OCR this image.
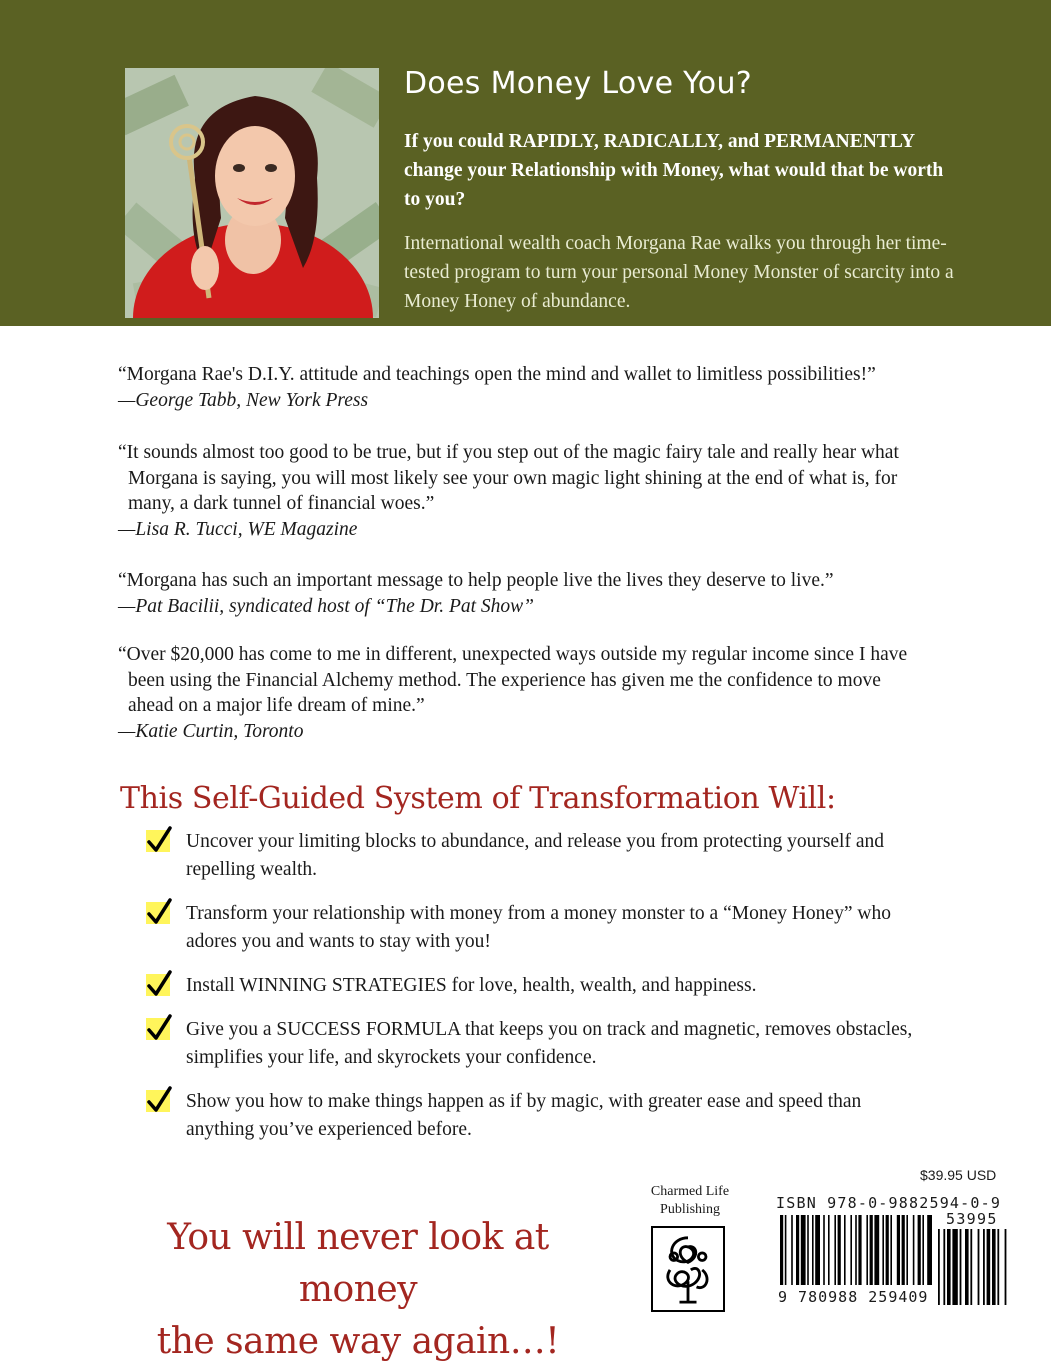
Does Money Love You?
If you could RAPIDLY, RADICALLY, and PERMANENTLY change your Relationship with Money, what would that be worth to you?
International wealth coach Morgana Rae walks you through her time-tested program to turn your personal Money Monster of scarcity into a Money Honey of abundance.
“Morgana Rae's D.I.Y. attitude and teachings open the mind and wallet to limitless possibilities!”
—George Tabb, New York Press
“It sounds almost too good to be true, but if you step out of the magic fairy tale and really hear what Morgana is saying, you will most likely see your own magic light shining at the end of what is, for many, a dark tunnel of financial woes.”
—Lisa R. Tucci, WE Magazine
“Morgana has such an important message to help people live the lives they deserve to live.”
—Pat Bacilii, syndicated host of “The Dr. Pat Show”
“Over $20,000 has come to me in different, unexpected ways outside my regular income since I have been using the Financial Alchemy method. The experience has given me the confidence to move ahead on a major life dream of mine.”
—Katie Curtin, Toronto
This Self-Guided System of Transformation Will:
Uncover your limiting blocks to abundance, and release you from protecting yourself and repelling wealth.
Transform your relationship with money from a money monster to a “Money Honey” who adores you and wants to stay with you!
Install WINNING STRATEGIES for love, health, wealth, and happiness.
Give you a SUCCESS FORMULA that keeps you on track and magnetic, removes obstacles, simplifies your life, and skyrockets your confidence.
Show you how to make things happen as if by magic, with greater ease and speed than anything you’ve experienced before.
You will never look at money
the same way again…!
Charmed Life
Publishing
$39.95 USD
ISBN 978-0-9882594-0-9
53995
9 780988 259409
